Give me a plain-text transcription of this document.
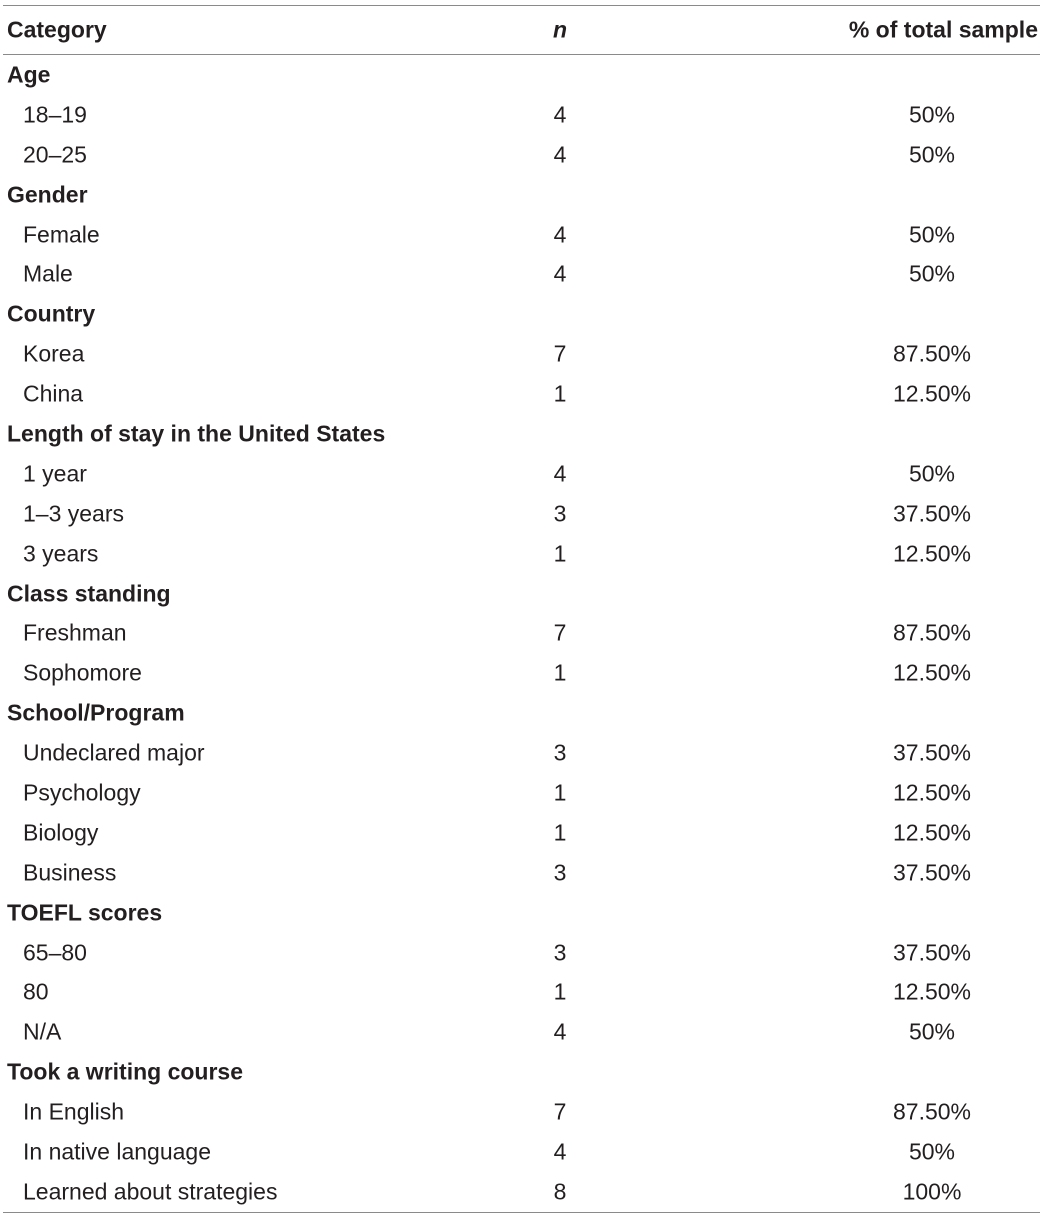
Category	n	% of total sample
Age
18–19	4	50%
20–25	4	50%
Gender
Female	4	50%
Male	4	50%
Country
Korea	7	87.50%
China	1	12.50%
Length of stay in the United States
1 year	4	50%
1–3 years	3	37.50%
3 years	1	12.50%
Class standing
Freshman	7	87.50%
Sophomore	1	12.50%
School/Program
Undeclared major	3	37.50%
Psychology	1	12.50%
Biology	1	12.50%
Business	3	37.50%
TOEFL scores
65–80	3	37.50%
80	1	12.50%
N/A	4	50%
Took a writing course
In English	7	87.50%
In native language	4	50%
Learned about strategies	8	100%
